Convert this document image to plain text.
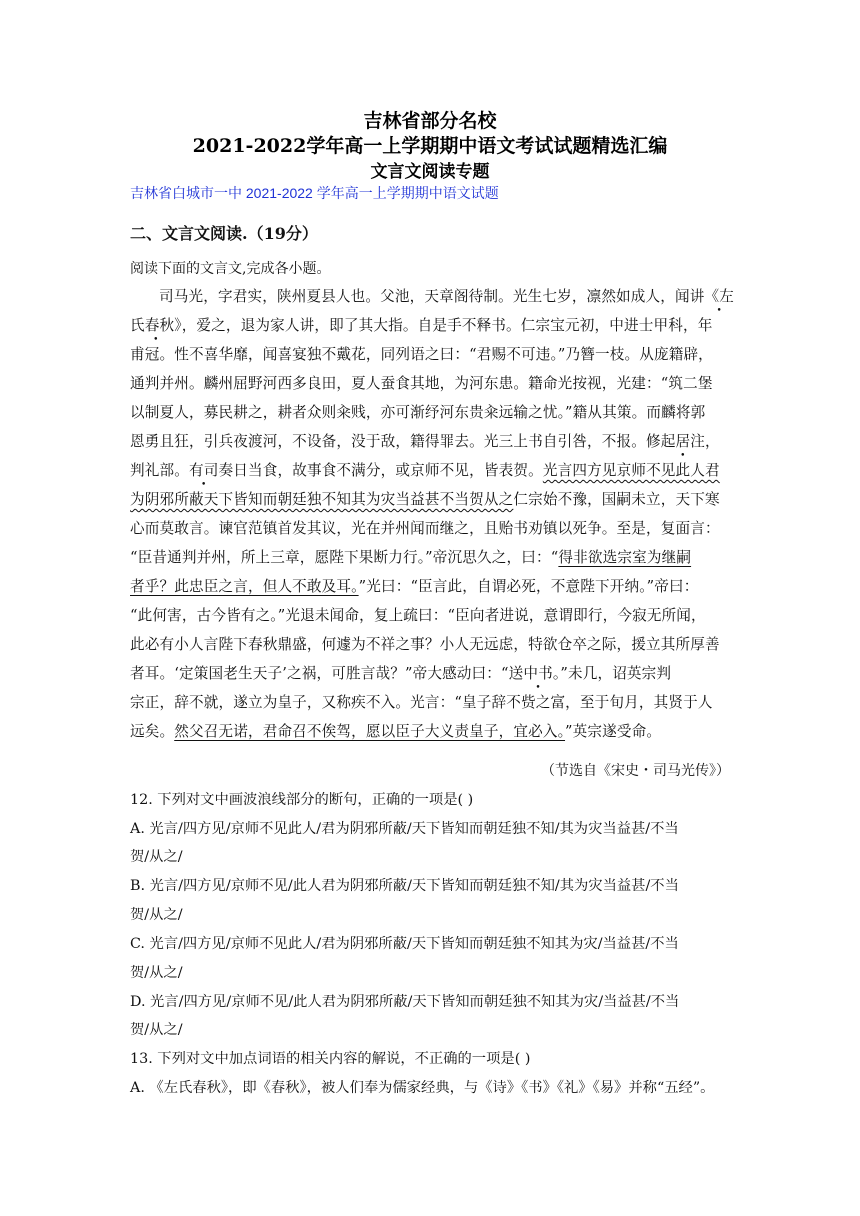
吉林省部分名校
2021-2022学年高一上学期期中语文考试试题精选汇编
文言文阅读专题
吉林省白城市一中 2021-2022 学年高一上学期期中语文试题
二、文言文阅读.（19分）
阅读下面的文言文,完成各小题。
司马光，字君实，陕州夏县人也。父池，天章阁待制。光生七岁，凛然如成人，闻讲《左 •
氏春秋》 •，爱之，退为家人讲，即了其大指。自是手不释书。仁宗宝元初，中进士甲科，年
甫冠。性不喜华靡，闻喜宴独不戴花，同列语之曰：“君赐不可违。”乃簪一枝。从庞籍辟，
通判并州。麟州屈野河西多良田，夏人蚕食其地，为河东患。籍命光按视，光建：“筑二堡
以制夏人，募民耕之，耕者众则籴贱，亦可渐纾河东贵籴远输之忧。”籍从其策。而麟将郭
恩勇且狂，引兵夜渡河，不设备，没于敌，籍得罪去。光三上书自引咎，不报。修起居注，
判礼部。有司奏日当食，故事食不满分，或京师不见，皆表贺。光言四方见京师不见此人君
为阴邪所蔽天下皆知而朝廷独不知其为灾当益甚不当贺从之仁宗始不豫，国嗣未立，天下寒
心而莫敢言。谏官范镇首发其议，光在并州闻而继之，且贻书劝镇以死争。至是，复面言：
“臣昔通判并州，所上三章，愿陛下果断力行。”帝沉思久之，曰：“得非欲选宗室为继嗣
者乎？此忠臣之言，但人不敢及耳。”光曰：“臣言此，自谓必死，不意陛下开纳。”帝曰：
“此何害，古今皆有之。”光退未闻命，复上疏曰：“臣向者进说，意谓即行，今寂无所闻，
此必有小人言陛下春秋鼎盛，何遽为不祥之事？小人无远虑，特欲仓卒之际，援立其所厚善
者耳。‘定策国老生天子’之祸，可胜言哉？”帝大感动曰：“送中书。”未几，诏英宗判
宗正，辞不就，遂立为皇子，又称疾不入。光言：“皇子辞不赀之富，至于旬月，其贤于人
远矣。然父召无诺，君命召不俟驾，愿以臣子大义责皇子，宜必入。”英宗遂受命。
（节选自《宋史・司马光传》）
12. 下列对文中画波浪线部分的断句，正确的一项是( )
A. 光言/四方见/京师不见此人/君为阴邪所蔽/天下皆知而朝廷独不知/其为灾当益甚/不当
贺/从之/
B. 光言/四方见/京师不见/此人君为阴邪所蔽/天下皆知而朝廷独不知/其为灾当益甚/不当
贺/从之/
C. 光言/四方见/京师不见此人/君为阴邪所蔽/天下皆知而朝廷独不知其为灾/当益甚/不当
贺/从之/
D. 光言/四方见/京师不见/此人君为阴邪所蔽/天下皆知而朝廷独不知其为灾/当益甚/不当
贺/从之/
13. 下列对文中加点词语的相关内容的解说，不正确的一项是( )
A. 《左氏春秋》，即《春秋》，被人们奉为儒家经典，与《诗》《书》《礼》《易》并称“五经”。
